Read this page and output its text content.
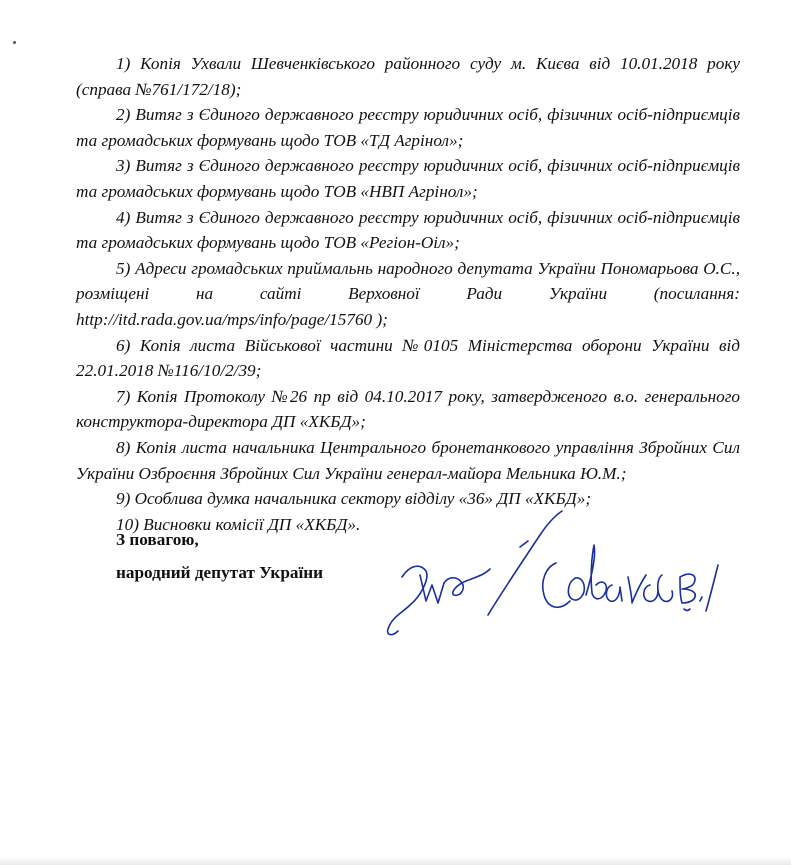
1) Копія Ухвали Шевченківського районного суду м. Києва від 10.01.2018 року (справа №761/172/18);

2) Витяг з Єдиного державного реєстру юридичних осіб, фізичних осіб-підприємців та громадських формувань щодо ТОВ «ТД Агрінол»;

3) Витяг з Єдиного державного реєстру юридичних осіб, фізичних осіб-підприємців та громадських формувань щодо ТОВ «НВП Агрінол»;

4) Витяг з Єдиного державного реєстру юридичних осіб, фізичних осіб-підприємців та громадських формувань щодо ТОВ «Регіон-Оіл»;

5) Адреси громадських приймальнь народного депутата України Пономарьова О.С., розміщені на сайті Верховної Ради України (посилання: http://itd.rada.gov.ua/mps/info/page/15760 );

6) Копія листа Військової частини №0105 Міністерства оборони України від 22.01.2018 №116/10/2/39;

7) Копія Протоколу №26 пр від 04.10.2017 року, затвердженого в.о. генерального конструктора-директора ДП «ХКБД»;

8) Копія листа начальника Центрального бронетанкового управління Збройних Сил України Озброєння Збройних Сил України генерал-майора Мельника Ю.М.;

9) Особлива думка начальника сектору відділу «36» ДП «ХКБД»;

10) Висновки комісії ДП «ХКБД».

З повагою,

народний депутат України
